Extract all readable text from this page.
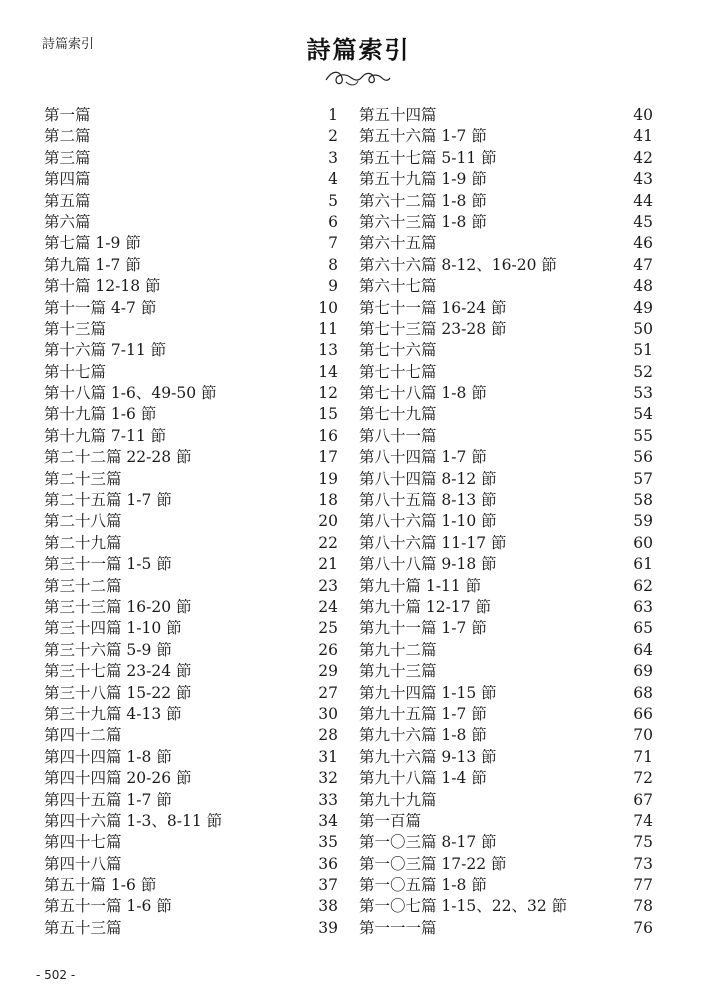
詩篇索引	詩篇索引
第一篇	1
第二篇	2
第三篇	3
第四篇	4
第五篇	5
第六篇	6
第七篇 1-9 節	7
第九篇 1-7 節	8
第十篇 12-18 節	9
第十一篇 4-7 節	10
第十三篇	11
第十六篇 7-11 節	13
第十七篇	14
第十八篇 1-6、49-50 節	12
第十九篇 1-6 節	15
第十九篇 7-11 節	16
第二十二篇 22-28 節	17
第二十三篇	19
第二十五篇 1-7 節	18
第二十八篇	20
第二十九篇	22
第三十一篇 1-5 節	21
第三十二篇	23
第三十三篇 16-20 節	24
第三十四篇 1-10 節	25
第三十六篇 5-9 節	26
第三十七篇 23-24 節	29
第三十八篇 15-22 節	27
第三十九篇 4-13 節	30
第四十二篇	28
第四十四篇 1-8 節	31
第四十四篇 20-26 節	32
第四十五篇 1-7 節	33
第四十六篇 1-3、8-11 節	34
第四十七篇	35
第四十八篇	36
第五十篇 1-6 節	37
第五十一篇 1-6 節	38
第五十三篇	39
第五十四篇	40
第五十六篇 1-7 節	41
第五十七篇 5-11 節	42
第五十九篇 1-9 節	43
第六十二篇 1-8 節	44
第六十三篇 1-8 節	45
第六十五篇	46
第六十六篇 8-12、16-20 節	47
第六十七篇	48
第七十一篇 16-24 節	49
第七十三篇 23-28 節	50
第七十六篇	51
第七十七篇	52
第七十八篇 1-8 節	53
第七十九篇	54
第八十一篇	55
第八十四篇 1-7 節	56
第八十四篇 8-12 節	57
第八十五篇 8-13 節	58
第八十六篇 1-10 節	59
第八十六篇 11-17 節	60
第八十八篇 9-18 節	61
第九十篇 1-11 節	62
第九十篇 12-17 節	63
第九十一篇 1-7 節	65
第九十二篇	64
第九十三篇	69
第九十四篇 1-15 節	68
第九十五篇 1-7 節	66
第九十六篇 1-8 節	70
第九十六篇 9-13 節	71
第九十八篇 1-4 節	72
第九十九篇	67
第一百篇	74
第一〇三篇 8-17 節	75
第一〇三篇 17-22 節	73
第一〇五篇 1-8 節	77
第一〇七篇 1-15、22、32 節	78
第一一一篇	76
- 502 -
